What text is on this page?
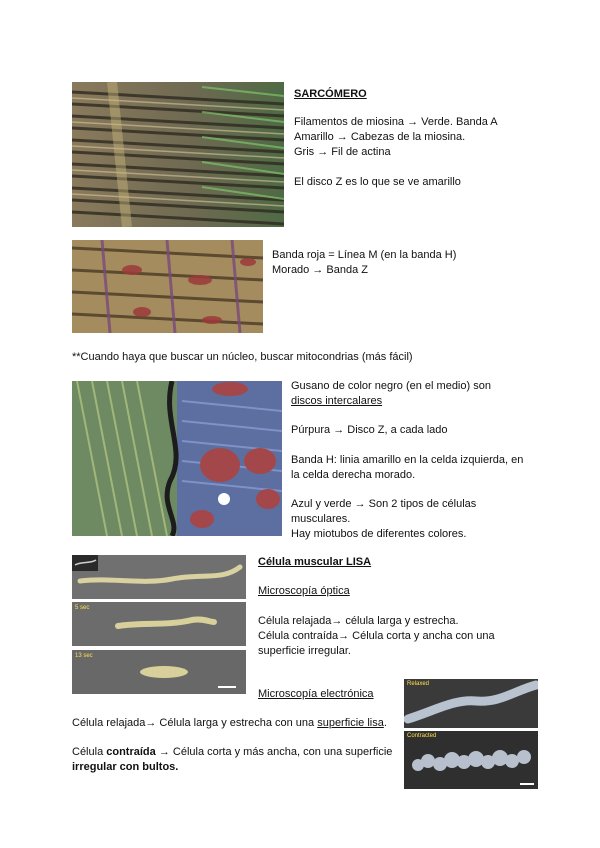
SARCÓMERO
Filamentos de miosina → Verde. Banda A
Amarillo → Cabezas de la miosina.
Gris → Fil de actina
El disco Z es lo que se ve amarillo
Banda roja = Línea M (en la banda H)
Morado → Banda Z
**Cuando haya que buscar un núcleo, buscar mitocondrias (más fácil)
Gusano de color negro (en el medio) son
discos intercalares
Púrpura → Disco Z, a cada lado
Banda H: linia amarillo en la celda izquierda, en
la celda derecha morado.
Azul y verde → Son 2 tipos de células
musculares.
Hay miotubos de diferentes colores.
5 sec
13 sec
Célula muscular LISA
Microscopía óptica
Célula relajada→ célula larga y estrecha.
Célula contraída→ Célula corta y ancha con una
superficie irregular.
Microscopía electrónica
Relaxed
Contracted
Célula relajada→ Célula larga y estrecha con una superficie lisa.
Célula contraída → Célula corta y más ancha, con una superficie
irregular con bultos.
